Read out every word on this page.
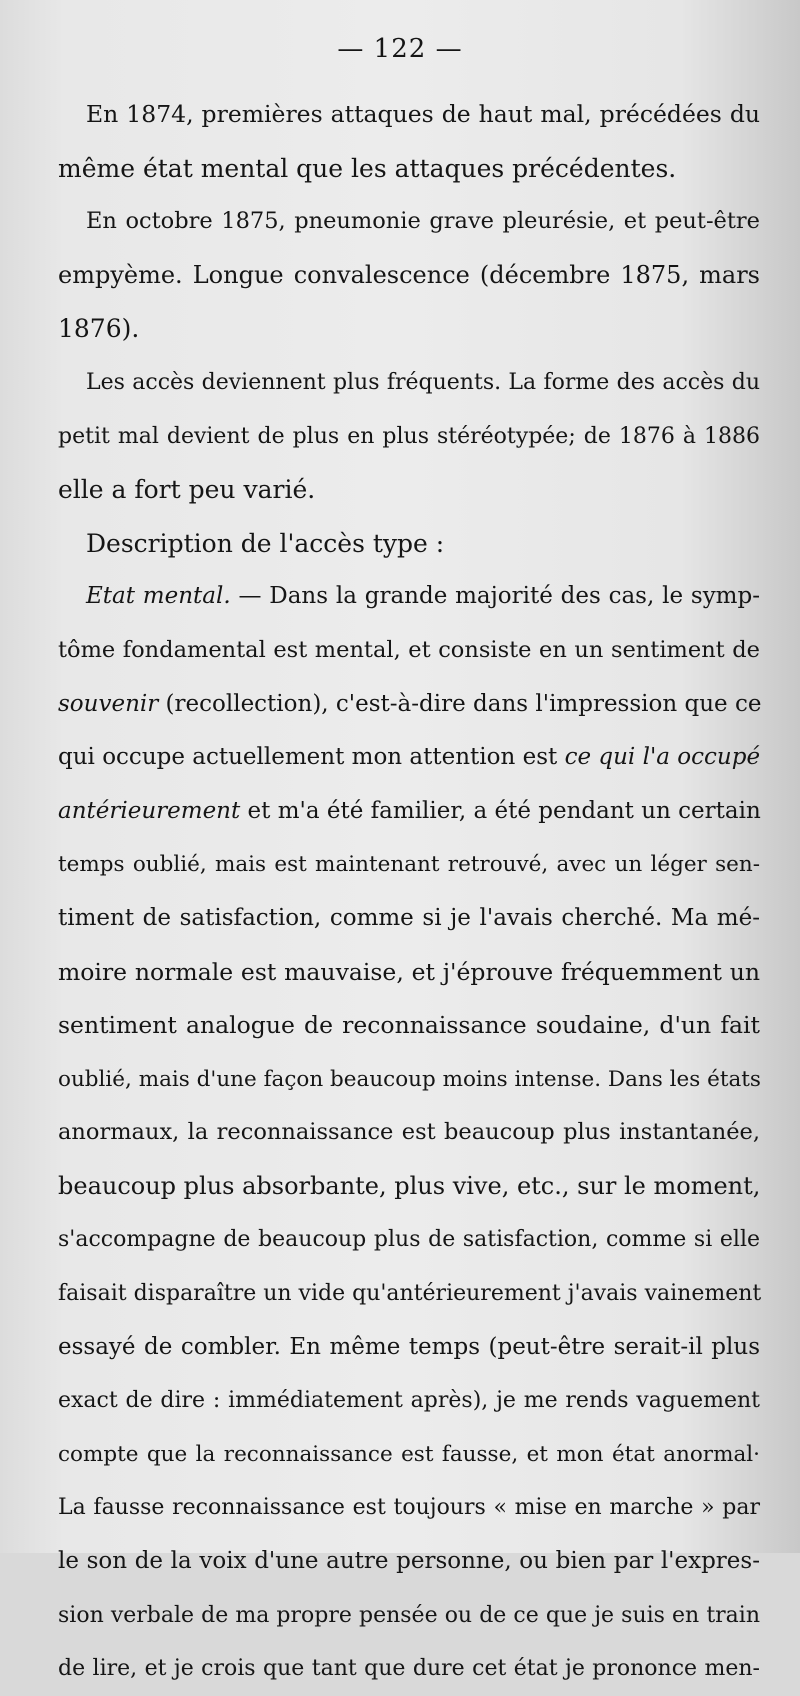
— 122 —
En 1874, premières attaques de haut mal, précédées du
même état mental que les attaques précédentes.
En octobre 1875, pneumonie grave pleurésie, et peut-être
empyème. Longue convalescence (décembre 1875, mars
1876).
Les accès deviennent plus fréquents. La forme des accès du
petit mal devient de plus en plus stéréotypée; de 1876 à 1886
elle a fort peu varié.
Description de l'accès type :
Etat mental. — Dans la grande majorité des cas, le symp-
tôme fondamental est mental, et consiste en un sentiment de
souvenir (recollection), c'est-à-dire dans l'impression que ce
qui occupe actuellement mon attention est ce qui l'a occupé
antérieurement et m'a été familier, a été pendant un certain
temps oublié, mais est maintenant retrouvé, avec un léger sen-
timent de satisfaction, comme si je l'avais cherché. Ma mé-
moire normale est mauvaise, et j'éprouve fréquemment un
sentiment analogue de reconnaissance soudaine, d'un fait
oublié, mais d'une façon beaucoup moins intense. Dans les états
anormaux, la reconnaissance est beaucoup plus instantanée,
beaucoup plus absorbante, plus vive, etc., sur le moment,
s'accompagne de beaucoup plus de satisfaction, comme si elle
faisait disparaître un vide qu'antérieurement j'avais vainement
essayé de combler. En même temps (peut-être serait-il plus
exact de dire : immédiatement après), je me rends vaguement
compte que la reconnaissance est fausse, et mon état anormal·
La fausse reconnaissance est toujours « mise en marche » par
le son de la voix d'une autre personne, ou bien par l'expres-
sion verbale de ma propre pensée ou de ce que je suis en train
de lire, et je crois que tant que dure cet état je prononce men-
